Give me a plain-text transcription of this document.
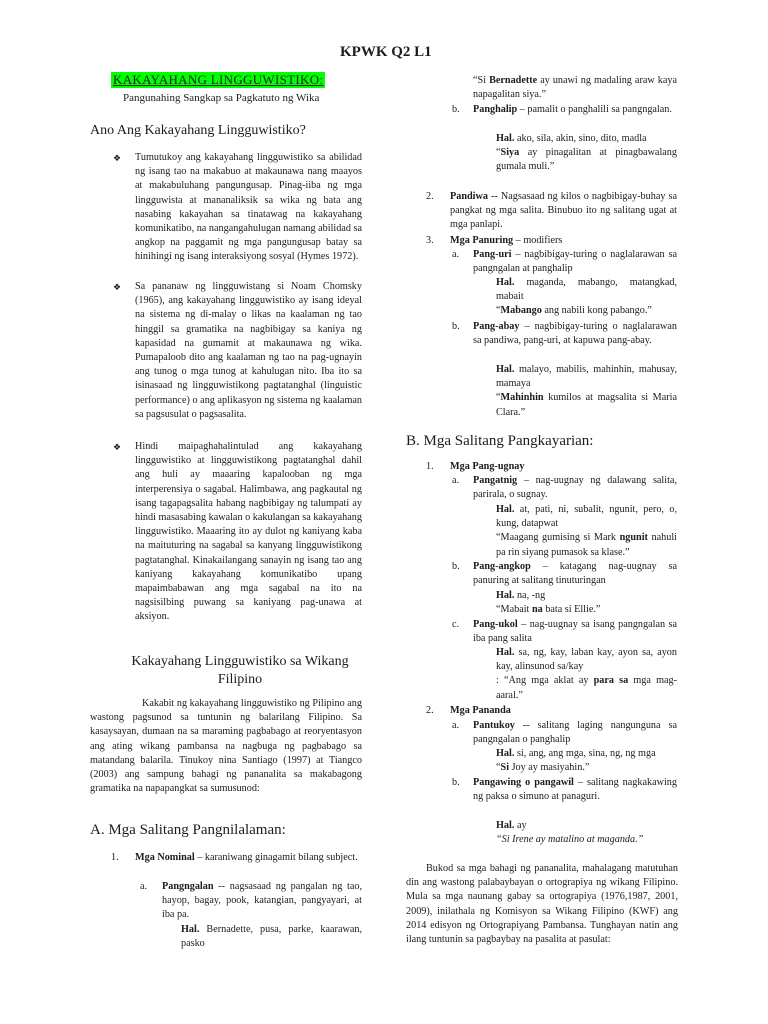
KPWK Q2 L1
KAKAYAHANG LINGGUWISTIKO:
Pangunahing Sangkap sa Pagkatuto ng Wika
Ano Ang Kakayahang Lingguwistiko?
❖ Tumutukoy ang kakayahang lingguwistiko sa abilidad ng isang tao na makabuo at makaunawa nang maayos at makabuluhang pangungusap. Pinag-iiba ng mga lingguwista at mananaliksik sa wika ng bata ang nasabing kakayahan sa tinatawag na kakayahang komunikatibo, na nangangahulugan namang abilidad sa angkop na paggamit ng mga pangungusap batay sa hinihingi ng isang interaksiyong sosyal (Hymes 1972).
❖ Sa pananaw ng lingguwistang si Noam Chomsky (1965), ang kakayahang lingguwistiko ay isang ideyal na sistema ng di-malay o likas na kaalaman ng tao hinggil sa gramatika na nagbibigay sa kaniya ng kapasidad na gumamit at makaunawa ng wika. Pumapaloob dito ang kaalaman ng tao na pag-ugnayin ang tunog o mga tunog at kahulugan nito. Iba ito sa isinasaad ng lingguwistikong pagtatanghal (linguistic performance) o ang aplikasyon ng sistema ng kaalaman sa pagsusulat o pagsasalita.
❖ Hindi maipaghahalintulad ang kakayahang lingguwistiko at lingguwistikong pagtatanghal dahil ang huli ay maaaring kapalooban ng mga interperensiya o sagabal. Halimbawa, ang pagkautal ng isang tagapagsalita habang nagbibigay ng talumpati ay hindi masasabing kawalan o kakulangan sa kakayahang lingguwistiko. Maaaring ito ay dulot ng kaniyang kaba na maituturing na sagabal sa kanyang lingguwistikong pagtatanghal. Kinakailangang sanayin ng isang tao ang kaniyang kakayahang komunikatibo upang mapaimbabawan ang mga sagabal na ito na nagsisilbing puwang sa kaniyang pag-unawa at aksiyon.
Kakayahang Lingguwistiko sa Wikang Filipino
Kakabit ng kakayahang lingguwistiko ng Pilipino ang wastong pagsunod sa tuntunin ng balarilang Filipino. Sa kasaysayan, dumaan na sa maraming pagbabago at reoryentasyon ang ating wikang pambansa na nagbuga ng pagbabago sa matandang balarila. Tinukoy nina Santiago (1997) at Tiangco (2003) ang sampung bahagi ng pananalita sa makabagong gramatika na napapangkat sa sumusunod:
A. Mga Salitang Pangnilalaman:
1. Mga Nominal – karaniwang ginagamit bilang subject.
a. Pangngalan -- nagsasaad ng pangalan ng tao, hayop, bagay, pook, katangian, pangyayari, at iba pa.
Hal. Bernadette, pusa, parke, kaarawan, pasko
“Si Bernadette ay unawi ng madaling araw kaya napagalitan siya.”
b. Panghalip – pamalit o panghalili sa pangngalan.
Hal. ako, sila, akin, sino, dito, madla
“Siya ay pinagalitan at pinagbawalang gumala muli.”
2. Pandiwa -- Nagsasaad ng kilos o nagbibigay-buhay sa pangkat ng mga salita. Binubuo ito ng salitang ugat at mga panlapi.
3. Mga Panuring – modifiers
a. Pang-uri – nagbibigay-turing o naglalarawan sa pangngalan at panghalip
Hal. maganda, mabango, matangkad, mabait
“Mabango ang nabili kong pabango.”
b. Pang-abay – nagbibigay-turing o naglalarawan sa pandiwa, pang-uri, at kapuwa pang-abay.
Hal. malayo, mabilis, mahinhin, mahusay, mamaya
“Mahinhin kumilos at magsalita si Maria Clara.”
B. Mga Salitang Pangkayarian:
1. Mga Pang-ugnay
a. Pangatnig – nag-uugnay ng dalawang salita, parirala, o sugnay.
Hal. at, pati, ni, subalit, ngunit, pero, o, kung, datapwat
“Maagang gumising si Mark ngunit nahuli pa rin siyang pumasok sa klase.”
b. Pang-angkop – katagang nag-uugnay sa panuring at salitang tinuturingan
Hal. na, -ng
“Mabait na bata si Ellie.”
c. Pang-ukol – nag-uugnay sa isang pangngalan sa iba pang salita
Hal. sa, ng, kay, laban kay, ayon sa, ayon kay, alinsunod sa/kay
: “Ang mga aklat ay para sa mga mag-aaral.”
2. Mga Pananda
a. Pantukoy -- salitang laging nangunguna sa pangngalan o panghalip
Hal. si, ang, ang mga, sina, ng, ng mga
“Si Joy ay masiyahin.”
b. Pangawing o pangawil – salitang nagkakawing ng paksa o simuno at panaguri.
Hal. ay
“Si Irene ay matalino at maganda.”
Bukod sa mga bahagi ng pananalita, mahalagang matutuhan din ang wastong palabaybayan o ortograpiya ng wikang Filipino. Mula sa mga naunang gabay sa ortograpiya (1976,1987, 2001, 2009), inilathala ng Komisyon sa Wikang Filipino (KWF) ang 2014 edisyon ng Ortograpiyang Pambansa. Tunghayan natin ang ilang tuntunin sa pagbaybay na pasalita at pasulat:
